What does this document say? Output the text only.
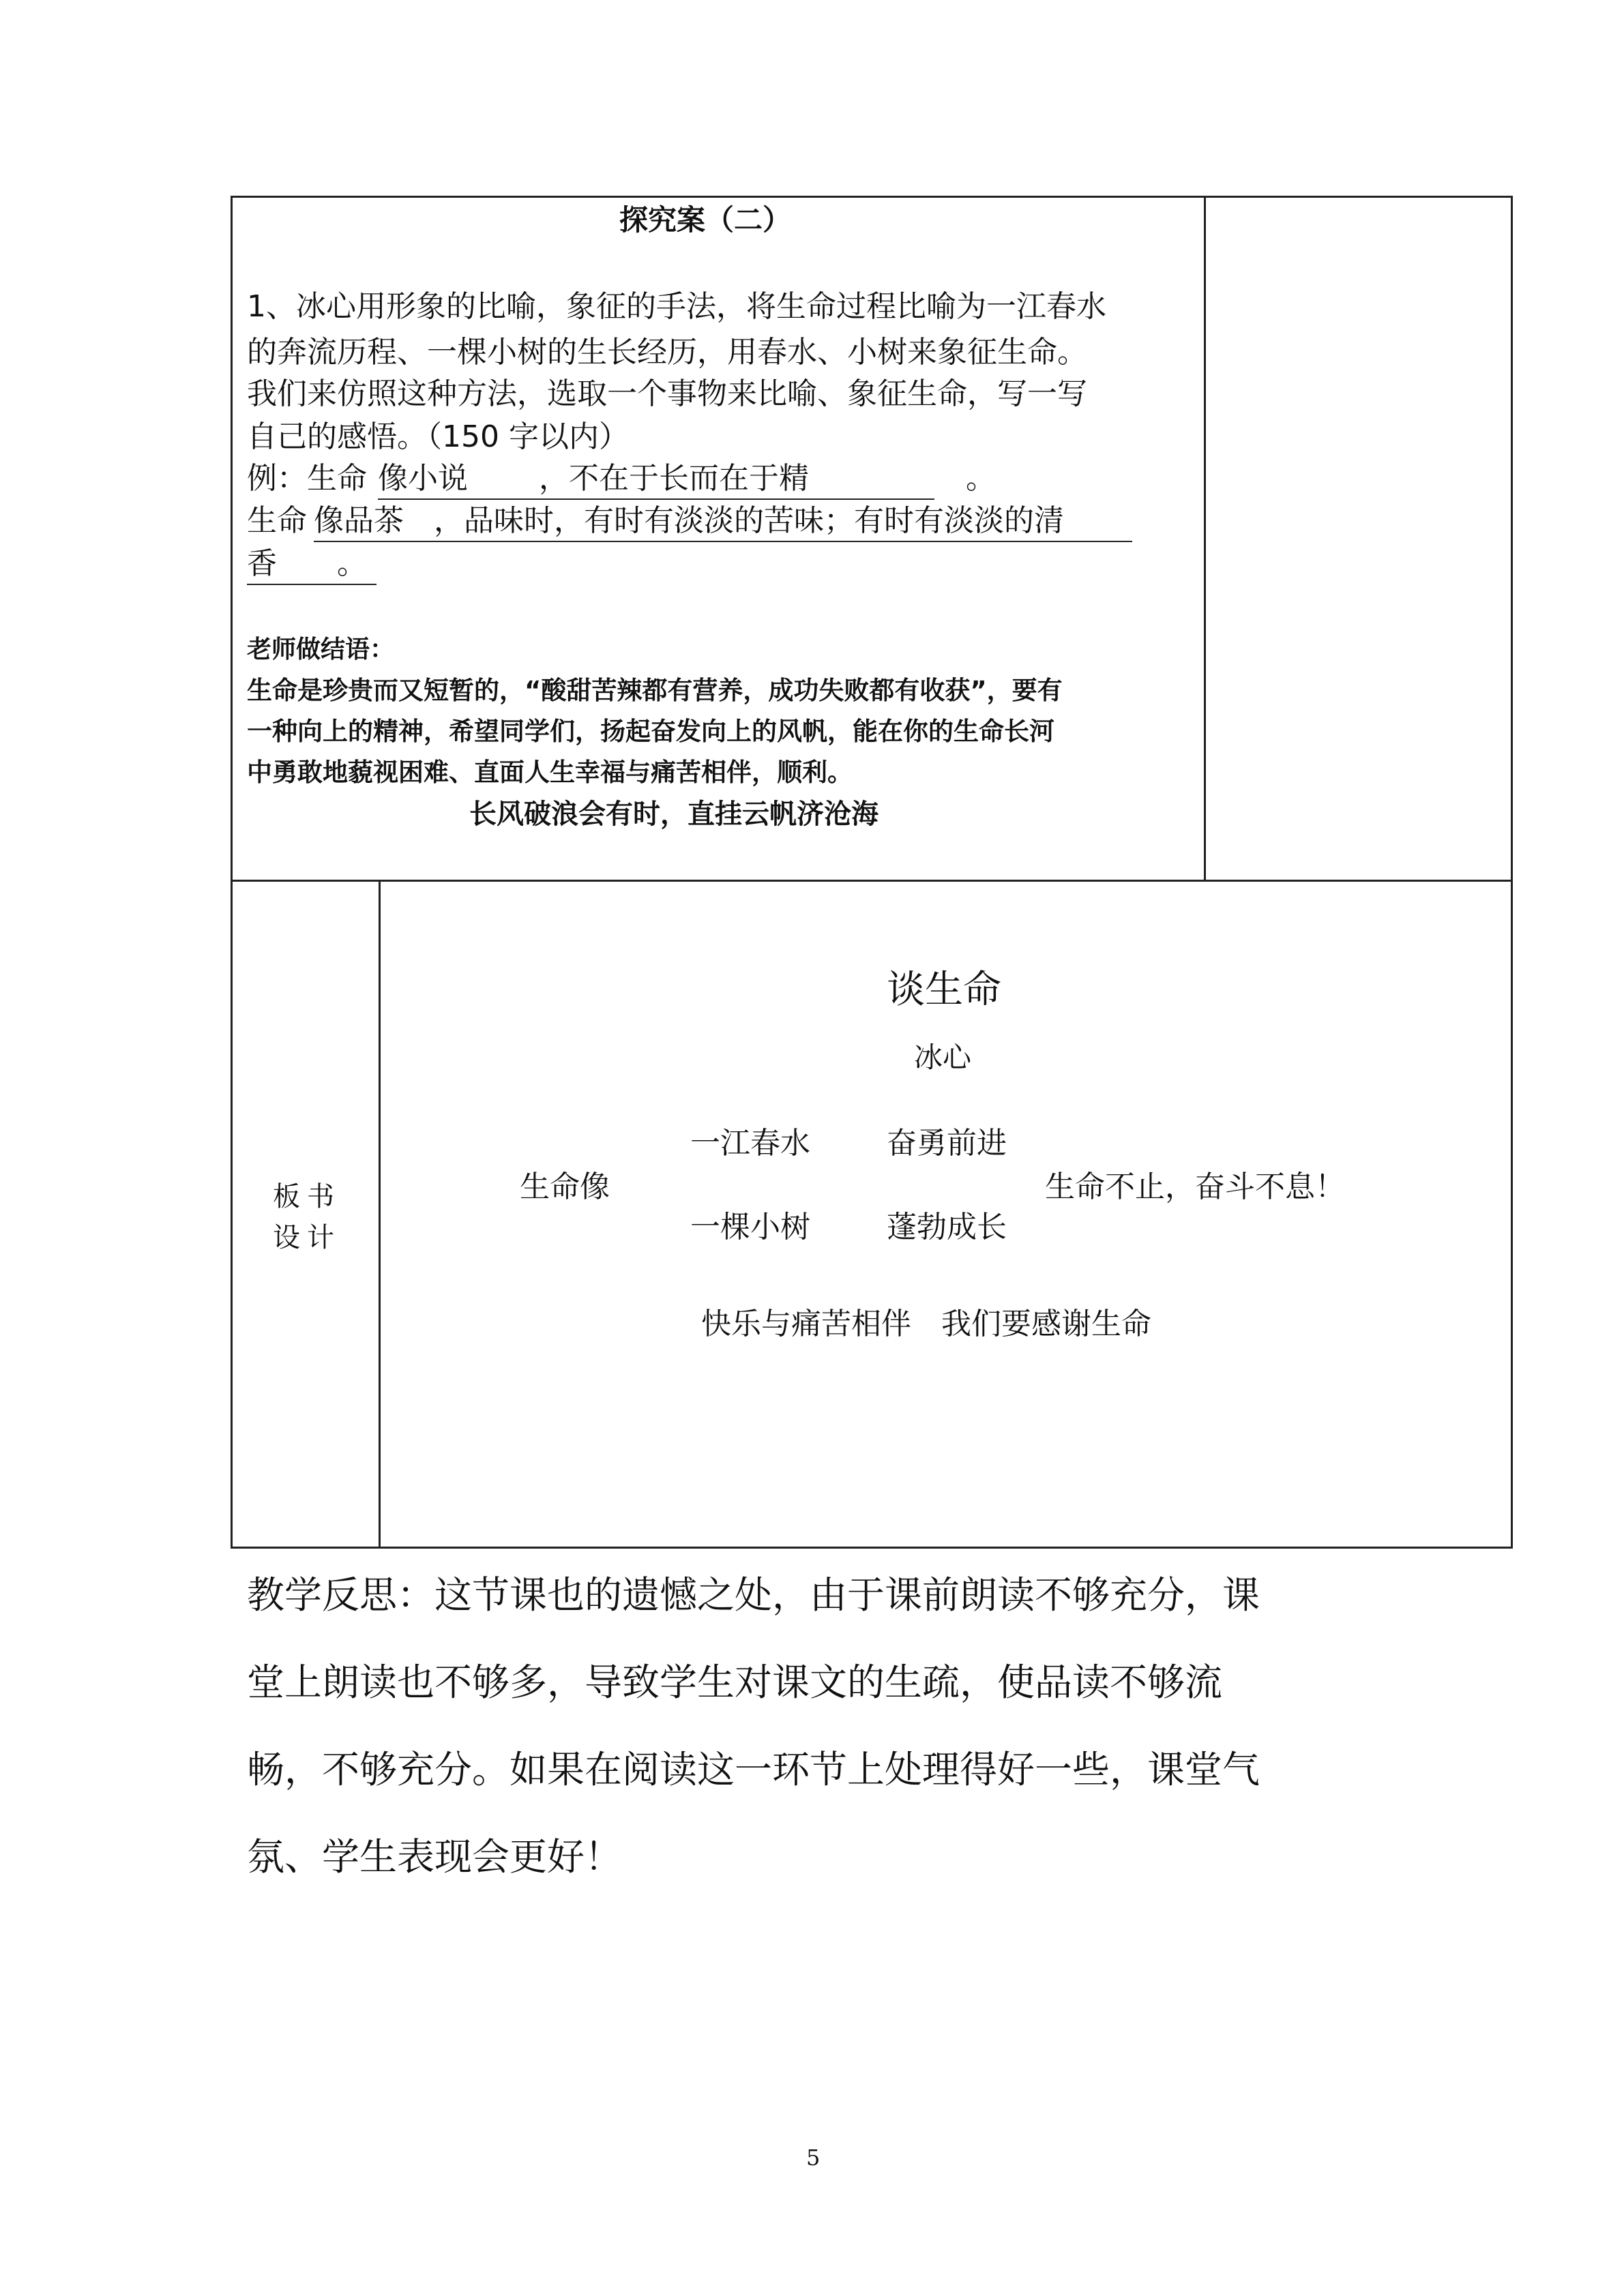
探究案（二）
1、冰心用形象的比喻，象征的手法，将生命过程比喻为一江春水
的奔流历程、一棵小树的生长经历，用春水、小树来象征生命。
我们来仿照这种方法，选取一个事物来比喻、象征生命，写一写
自己的感悟。（150 字以内）
例：生命 像小说 ，不在于长而在于精	。
生命 像品茶　，品味时，有时有淡淡的苦味；有时有淡淡的清
香　　。
老师做结语：
生命是珍贵而又短暂的，“酸甜苦辣都有营养，成功失败都有收获”，要有
一种向上的精神，希望同学们，扬起奋发向上的风帆，能在你的生命长河
中勇敢地藐视困难、直面人生幸福与痛苦相伴，顺利。
长风破浪会有时，直挂云帆济沧海
板书
设计
谈生命
冰心
生命像
一江春水	奋勇前进
生命不止，奋斗不息！
一棵小树	蓬勃成长
快乐与痛苦相伴　我们要感谢生命
教学反思：这节课也的遗憾之处，由于课前朗读不够充分，课
堂上朗读也不够多，导致学生对课文的生疏，使品读不够流
畅，不够充分。如果在阅读这一环节上处理得好一些，课堂气
氛、学生表现会更好！
5
